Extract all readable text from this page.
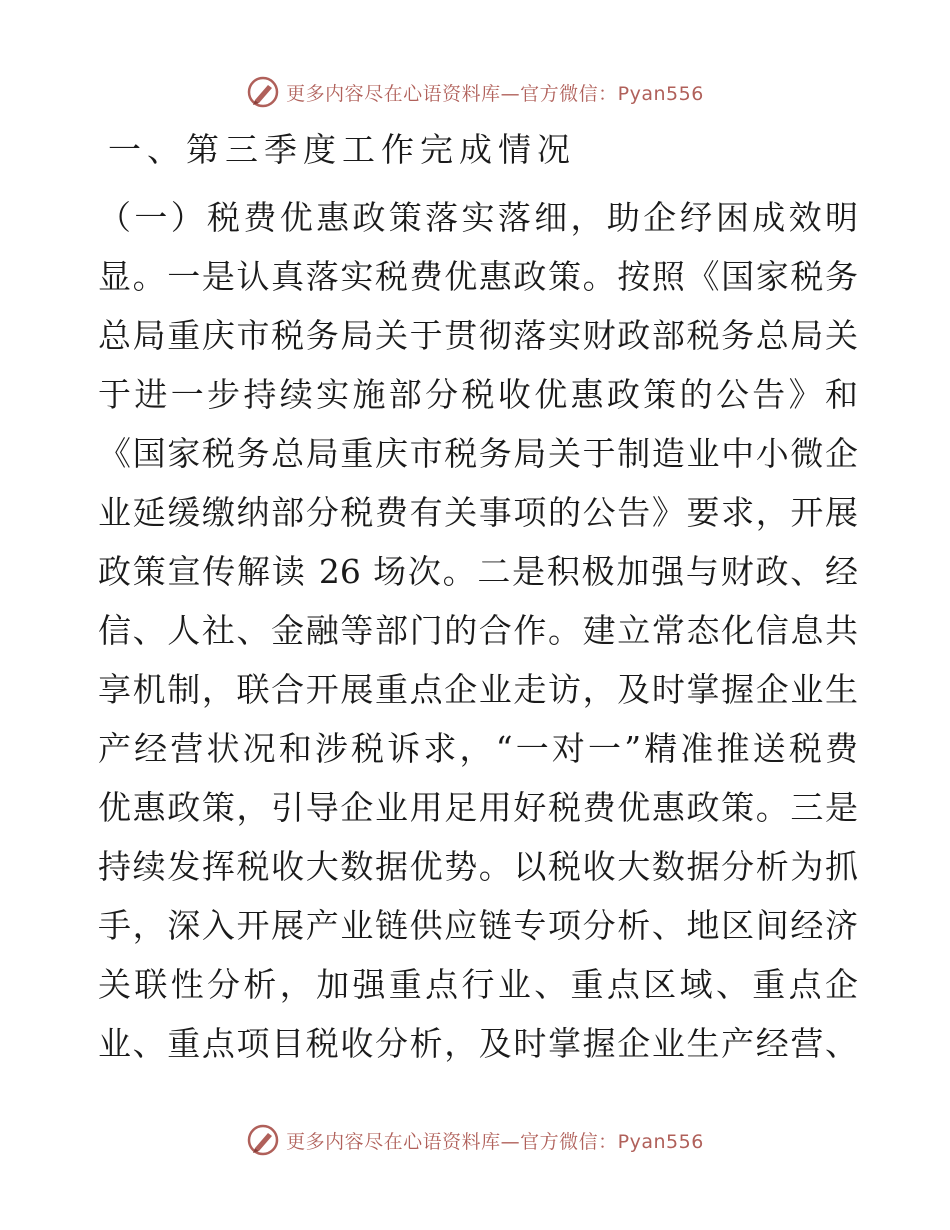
更多内容尽在心语资料库—官方微信：Pyan556
一、第三季度工作完成情况
（一）税费优惠政策落实落细，助企纾困成效明
显。一是认真落实税费优惠政策。按照《国家税务
总局重庆市税务局关于贯彻落实财政部税务总局关
于进一步持续实施部分税收优惠政策的公告》和
《国家税务总局重庆市税务局关于制造业中小微企
业延缓缴纳部分税费有关事项的公告》要求，开展
政策宣传解读 26 场次。二是积极加强与财政、经
信、人社、金融等部门的合作。建立常态化信息共
享机制，联合开展重点企业走访，及时掌握企业生
产经营状况和涉税诉求，“一对一”精准推送税费
优惠政策，引导企业用足用好税费优惠政策。三是
持续发挥税收大数据优势。以税收大数据分析为抓
手，深入开展产业链供应链专项分析、地区间经济
关联性分析，加强重点行业、重点区域、重点企
业、重点项目税收分析，及时掌握企业生产经营、
更多内容尽在心语资料库—官方微信：Pyan556
